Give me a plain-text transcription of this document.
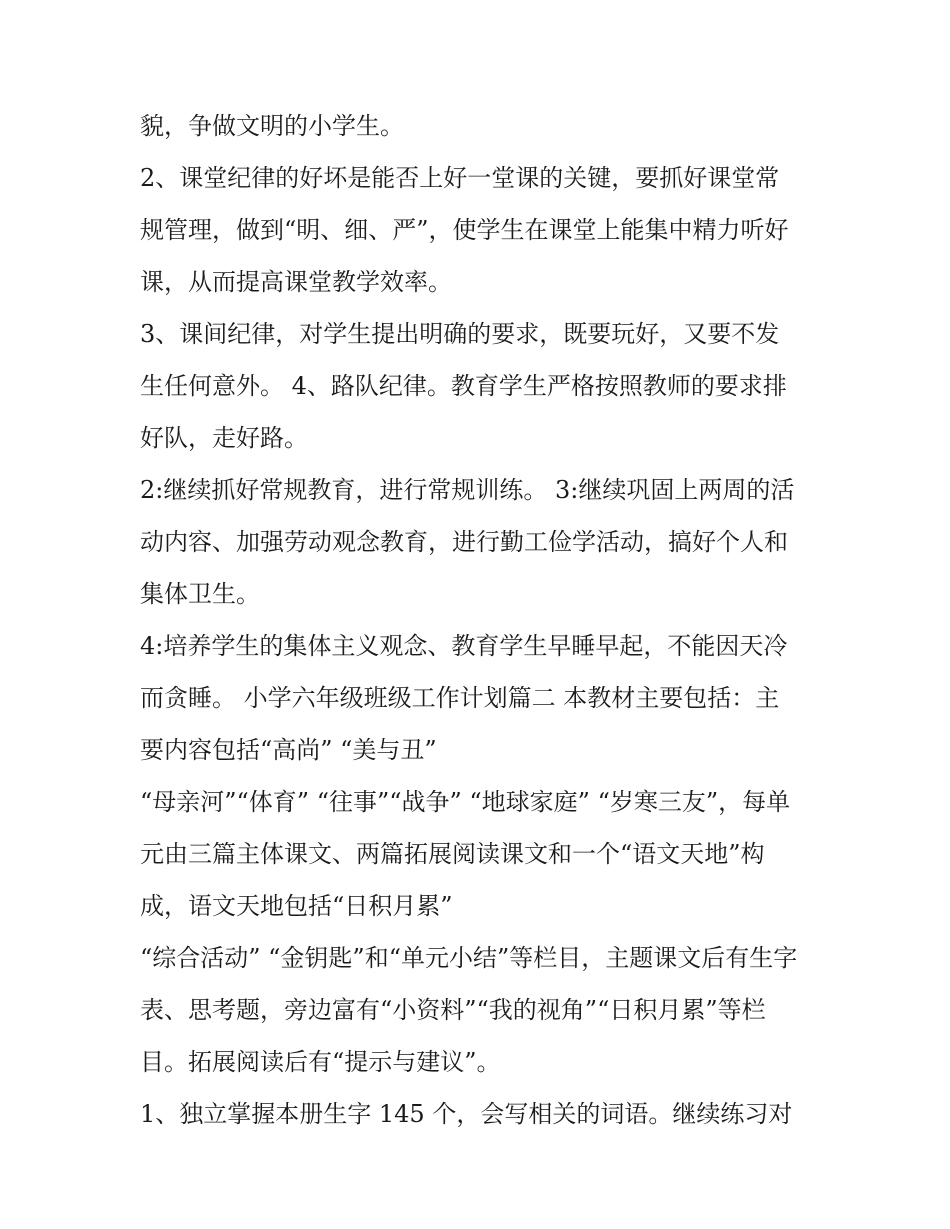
貌，争做文明的小学生。
2、课堂纪律的好坏是能否上好一堂课的关键，要抓好课堂常
规管理，做到“明、细、严”，使学生在课堂上能集中精力听好
课，从而提高课堂教学效率。
3、课间纪律，对学生提出明确的要求，既要玩好，又要不发
生任何意外。 4、路队纪律。教育学生严格按照教师的要求排
好队，走好路。
2:继续抓好常规教育，进行常规训练。 3:继续巩固上两周的活
动内容、加强劳动观念教育，进行勤工俭学活动，搞好个人和
集体卫生。
4:培养学生的集体主义观念、教育学生早睡早起，不能因天冷
而贪睡。 小学六年级班级工作计划篇二 本教材主要包括：主
要内容包括“高尚” “美与丑”
“母亲河”“体育” “往事”“战争” “地球家庭” “岁寒三友”，每单
元由三篇主体课文、两篇拓展阅读课文和一个“语文天地”构
成，语文天地包括“日积月累”
“综合活动” “金钥匙”和“单元小结”等栏目，主题课文后有生字
表、思考题，旁边富有“小资料”“我的视角”“日积月累”等栏
目。拓展阅读后有“提示与建议”。
1、独立掌握本册生字 145 个，会写相关的词语。继续练习对
